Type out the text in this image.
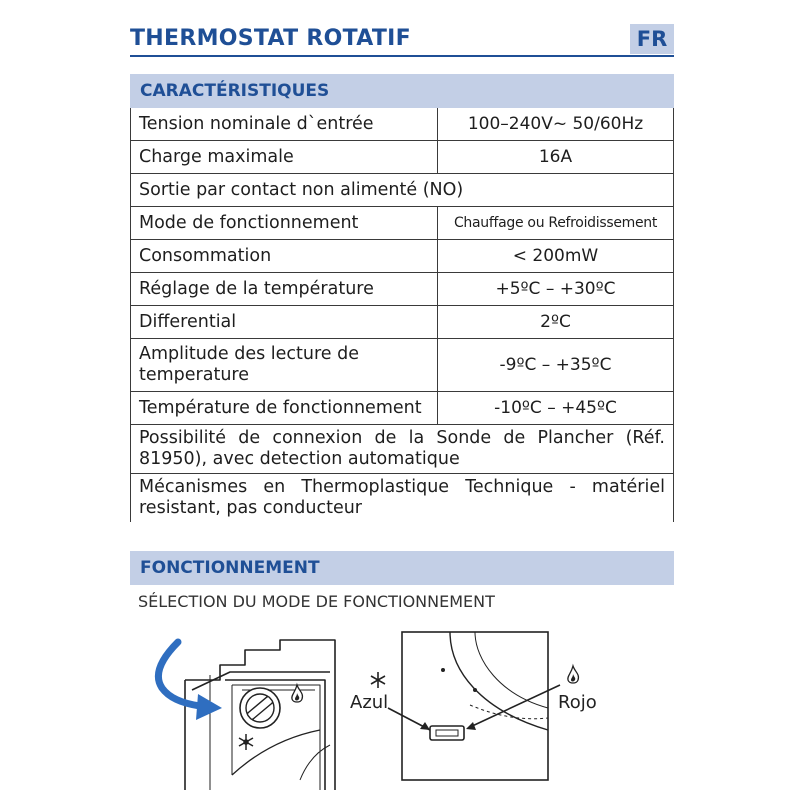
THERMOSTAT ROTATIF	FR
CARACTÉRISTIQUES
Tension nominale d`entrée	100–240V~ 50/60Hz
Charge maximale	16A
Sortie par contact non alimenté (NO)	
Mode de fonctionnement	Chauffage ou Refroidissement
Consommation	< 200mW
Réglage de la température	+5ºC – +30ºC
Differential	2ºC
Amplitude des lecture de temperature	-9ºC – +35ºC
Température de fonctionnement	-10ºC – +45ºC
Possibilité de connexion de la Sonde de Plancher (Réf. 81950), avec detection automatique	
Mécanismes en Thermoplastique Technique - matériel resistant, pas conducteur	
FONCTIONNEMENT
SÉLECTION DU MODE DE FONCTIONNEMENT
Azul	Rojo
